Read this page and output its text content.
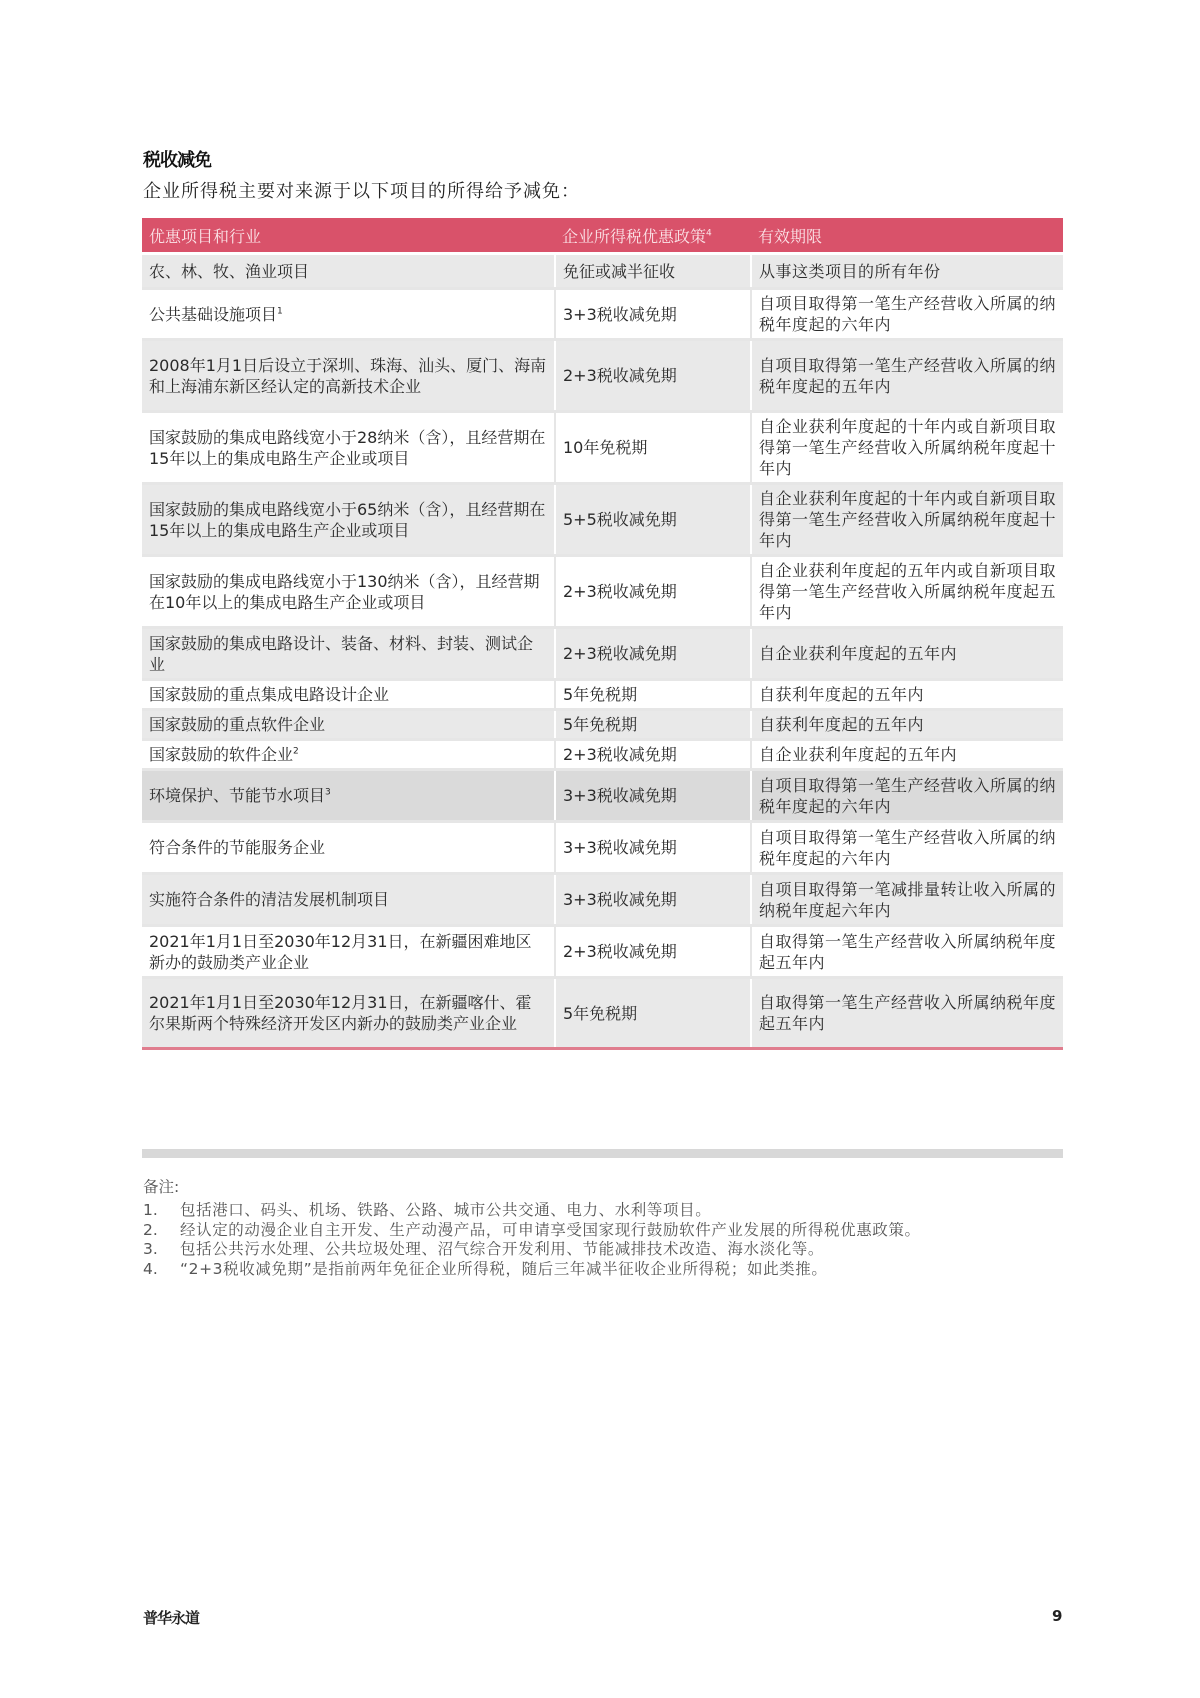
税收减免
企业所得税主要对来源于以下项目的所得给予减免：
优惠项目和行业	企业所得税优惠政策$^4$	有效期限
农、林、牧、渔业项目	免征或减半征收	从事这类项目的所有年份
公共基础设施项目$^1$	3+3税收减免期	自项目取得第一笔生产经营收入所属的纳税年度起的六年内
2008年1月1日后设立于深圳、珠海、汕头、厦门、海南和上海浦东新区经认定的高新技术企业	2+3税收减免期	自项目取得第一笔生产经营收入所属的纳税年度起的五年内
国家鼓励的集成电路线宽小于28纳米（含），且经营期在15年以上的集成电路生产企业或项目	10年免税期	自企业获利年度起的十年内或自新项目取得第一笔生产经营收入所属纳税年度起十年内
国家鼓励的集成电路线宽小于65纳米（含），且经营期在15年以上的集成电路生产企业或项目	5+5税收减免期	自企业获利年度起的十年内或自新项目取得第一笔生产经营收入所属纳税年度起十年内
国家鼓励的集成电路线宽小于130纳米（含），且经营期在10年以上的集成电路生产企业或项目	2+3税收减免期	自企业获利年度起的五年内或自新项目取得第一笔生产经营收入所属纳税年度起五年内
国家鼓励的集成电路设计、装备、材料、封装、测试企业	2+3税收减免期	自企业获利年度起的五年内
国家鼓励的重点集成电路设计企业	5年免税期	自获利年度起的五年内
国家鼓励的重点软件企业	5年免税期	自获利年度起的五年内
国家鼓励的软件企业$^2$	2+3税收减免期	自企业获利年度起的五年内
环境保护、节能节水项目$^3$	3+3税收减免期	自项目取得第一笔生产经营收入所属的纳税年度起的六年内
符合条件的节能服务企业	3+3税收减免期	自项目取得第一笔生产经营收入所属的纳税年度起的六年内
实施符合条件的清洁发展机制项目	3+3税收减免期	自项目取得第一笔减排量转让收入所属的纳税年度起六年内
2021年1月1日至2030年12月31日，在新疆困难地区新办的鼓励类产业企业	2+3税收减免期	自取得第一笔生产经营收入所属纳税年度起五年内
2021年1月1日至2030年12月31日，在新疆喀什、霍尔果斯两个特殊经济开发区内新办的鼓励类产业企业	5年免税期	自取得第一笔生产经营收入所属纳税年度起五年内
备注:
1.	包括港口、码头、机场、铁路、公路、城市公共交通、电力、水利等项目。
2.	经认定的动漫企业自主开发、生产动漫产品，可申请享受国家现行鼓励软件产业发展的所得税优惠政策。
3.	包括公共污水处理、公共垃圾处理、沼气综合开发利用、节能减排技术改造、海水淡化等。
4.	“2+3税收减免期”是指前两年免征企业所得税，随后三年减半征收企业所得税；如此类推。
普华永道	9
